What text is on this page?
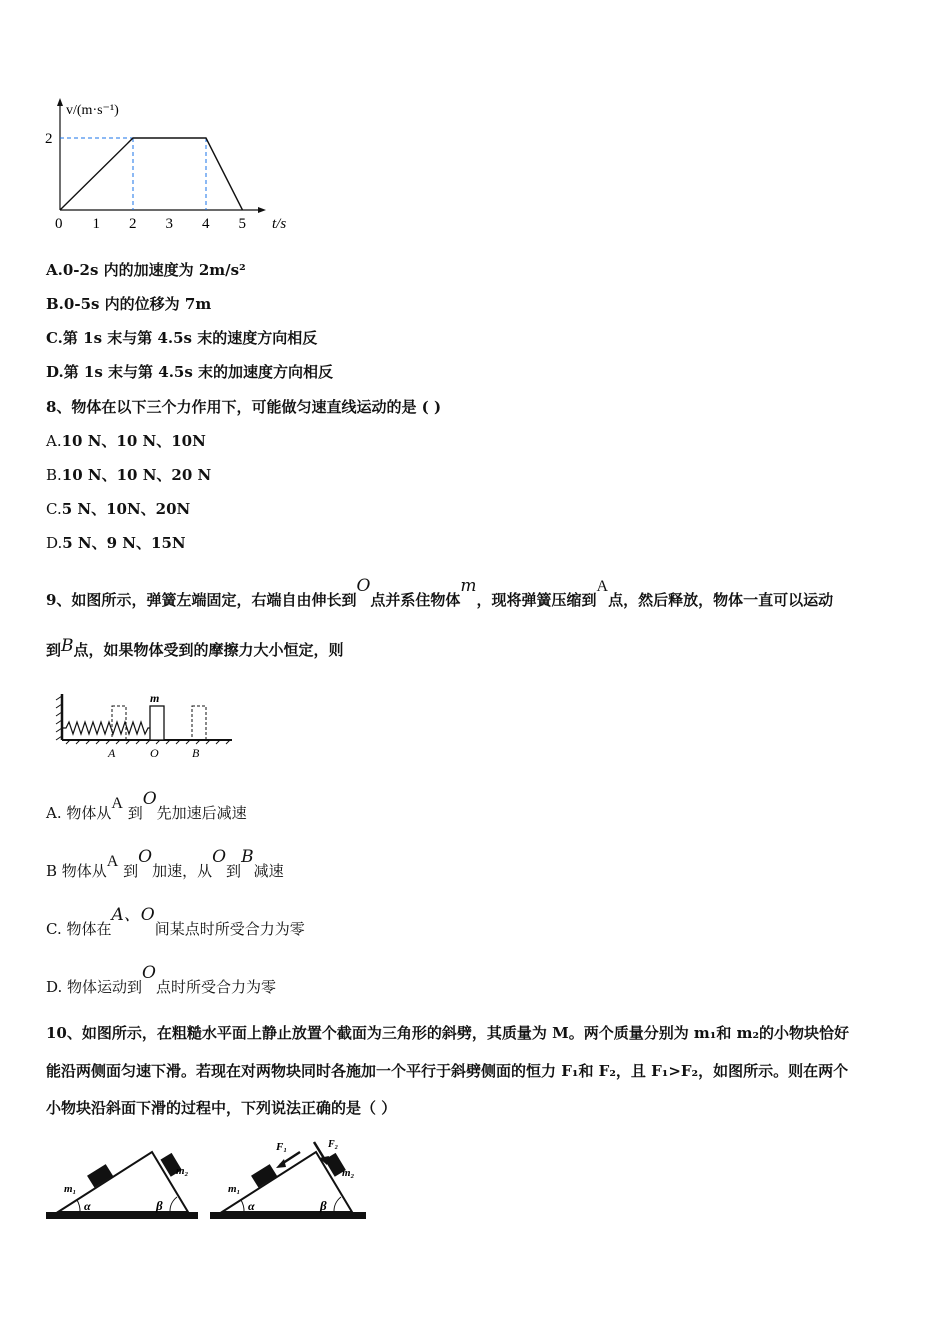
0 1 2 3 4 5
2
v/(m·s⁻¹)
t/s
A.0-2s 内的加速度为 2m/s²
B.0-5s 内的位移为 7m
C.第 1s 末与第 4.5s 末的速度方向相反
D.第 1s 末与第 4.5s 末的加速度方向相反
8、物体在以下三个力作用下，可能做匀速直线运动的是 ( )
A.10 N、10 N、10N
B.10 N、10 N、20 N
C.5 N、10N、20N
D.5 N、9 N、15N
9、如图所示，弹簧左端固定，右端自由伸长到O点并系住物体m，现将弹簧压缩到A点，然后释放，物体一直可以运动
到B点，如果物体受到的摩擦力大小恒定，则
m
A	O	B
A. 物体从A 到O先加速后减速
B 物体从A 到O加速，从O到B减速
C. 物体在A、O间某点时所受合力为零
D. 物体运动到O点时所受合力为零
10、如图所示，在粗糙水平面上静止放置个截面为三角形的斜劈，其质量为 M。两个质量分别为 m₁和 m₂的小物块恰好
能沿两侧面匀速下滑。若现在对两物块同时各施加一个平行于斜劈侧面的恒力 F₁和 F₂，且 F₁>F₂，如图所示。则在两个
小物块沿斜面下滑的过程中，下列说法正确的是（ ）
m₁
m₂
α	β
F₁	F₂
m₁
m₂
α	β
